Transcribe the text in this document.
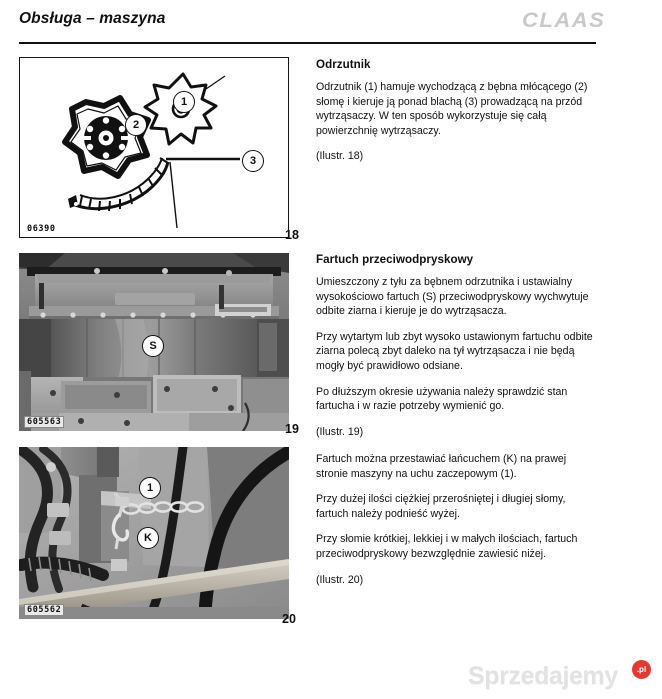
Obsługa – maszyna	CLAAS
1
2
3
06390	18
S
605563	19
1
K
605562
20
Odrzutnik

Odrzutnik (1) hamuje wychodzącą z bębna młócącego (2) słomę i kieruje ją ponad blachą (3) prowadzącą na przód wytrząsaczy. W ten sposób wykorzystuje się całą powierzchnię wytrząsaczy.

(Ilustr. 18)

Fartuch przeciwodpryskowy

Umieszczony z tyłu za bębnem odrzutnika i ustawialny wysokościowo fartuch (S) przeciwodpryskowy wychwytuje odbite ziarna i kieruje je do wytrząsacza.

Przy wytartym lub zbyt wysoko ustawionym fartuchu odbite ziarna polecą zbyt daleko na tył wytrząsacza i nie będą mogły być prawidłowo odsiane.

Po dłuższym okresie używania należy sprawdzić stan fartucha i w razie potrzeby wymienić go.

(Ilustr. 19)

Fartuch można przestawiać łańcuchem (K) na prawej stronie maszyny na uchu zaczepowym (1).

Przy dużej ilości ciężkiej przerośniętej i długiej słomy, fartuch należy podnieść wyżej.

Przy słomie krótkiej, lekkiej i w małych ilościach, fartuch przeciwodpryskowy bezwzględnie zawiesić niżej.

(Ilustr. 20)

Sprzedajemy	.pl
